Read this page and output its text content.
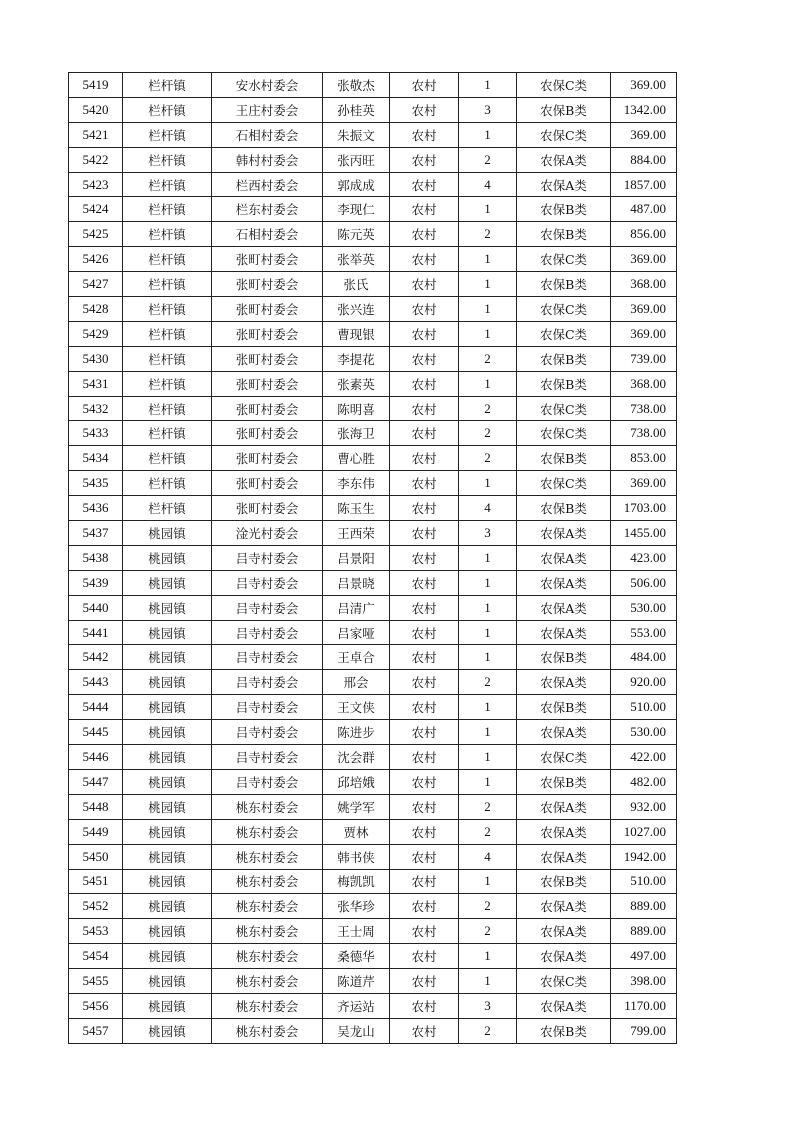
5419	栏杆镇	安水村委会	张敬杰	农村	1	农保C类	369.00
5420	栏杆镇	王庄村委会	孙桂英	农村	3	农保B类	1342.00
5421	栏杆镇	石相村委会	朱振文	农村	1	农保C类	369.00
5422	栏杆镇	韩村村委会	张丙旺	农村	2	农保A类	884.00
5423	栏杆镇	栏西村委会	郭成成	农村	4	农保A类	1857.00
5424	栏杆镇	栏东村委会	李现仁	农村	1	农保B类	487.00
5425	栏杆镇	石相村委会	陈元英	农村	2	农保B类	856.00
5426	栏杆镇	张町村委会	张举英	农村	1	农保C类	369.00
5427	栏杆镇	张町村委会	张氏	农村	1	农保B类	368.00
5428	栏杆镇	张町村委会	张兴连	农村	1	农保C类	369.00
5429	栏杆镇	张町村委会	曹现银	农村	1	农保C类	369.00
5430	栏杆镇	张町村委会	李提花	农村	2	农保B类	739.00
5431	栏杆镇	张町村委会	张素英	农村	1	农保B类	368.00
5432	栏杆镇	张町村委会	陈明喜	农村	2	农保C类	738.00
5433	栏杆镇	张町村委会	张海卫	农村	2	农保C类	738.00
5434	栏杆镇	张町村委会	曹心胜	农村	2	农保B类	853.00
5435	栏杆镇	张町村委会	李东伟	农村	1	农保C类	369.00
5436	栏杆镇	张町村委会	陈玉生	农村	4	农保B类	1703.00
5437	桃园镇	淦光村委会	王西荣	农村	3	农保A类	1455.00
5438	桃园镇	吕寺村委会	吕景阳	农村	1	农保A类	423.00
5439	桃园镇	吕寺村委会	吕景晓	农村	1	农保A类	506.00
5440	桃园镇	吕寺村委会	吕清广	农村	1	农保A类	530.00
5441	桃园镇	吕寺村委会	吕家哑	农村	1	农保A类	553.00
5442	桃园镇	吕寺村委会	王卓合	农村	1	农保B类	484.00
5443	桃园镇	吕寺村委会	邢会	农村	2	农保A类	920.00
5444	桃园镇	吕寺村委会	王文侠	农村	1	农保B类	510.00
5445	桃园镇	吕寺村委会	陈进步	农村	1	农保A类	530.00
5446	桃园镇	吕寺村委会	沈会群	农村	1	农保C类	422.00
5447	桃园镇	吕寺村委会	邱培娥	农村	1	农保B类	482.00
5448	桃园镇	桃东村委会	姚学军	农村	2	农保A类	932.00
5449	桃园镇	桃东村委会	贾林	农村	2	农保A类	1027.00
5450	桃园镇	桃东村委会	韩书侠	农村	4	农保A类	1942.00
5451	桃园镇	桃东村委会	梅凯凯	农村	1	农保B类	510.00
5452	桃园镇	桃东村委会	张华珍	农村	2	农保A类	889.00
5453	桃园镇	桃东村委会	王士周	农村	2	农保A类	889.00
5454	桃园镇	桃东村委会	桑德华	农村	1	农保A类	497.00
5455	桃园镇	桃东村委会	陈道芹	农村	1	农保C类	398.00
5456	桃园镇	桃东村委会	齐运站	农村	3	农保A类	1170.00
5457	桃园镇	桃东村委会	吴龙山	农村	2	农保B类	799.00
